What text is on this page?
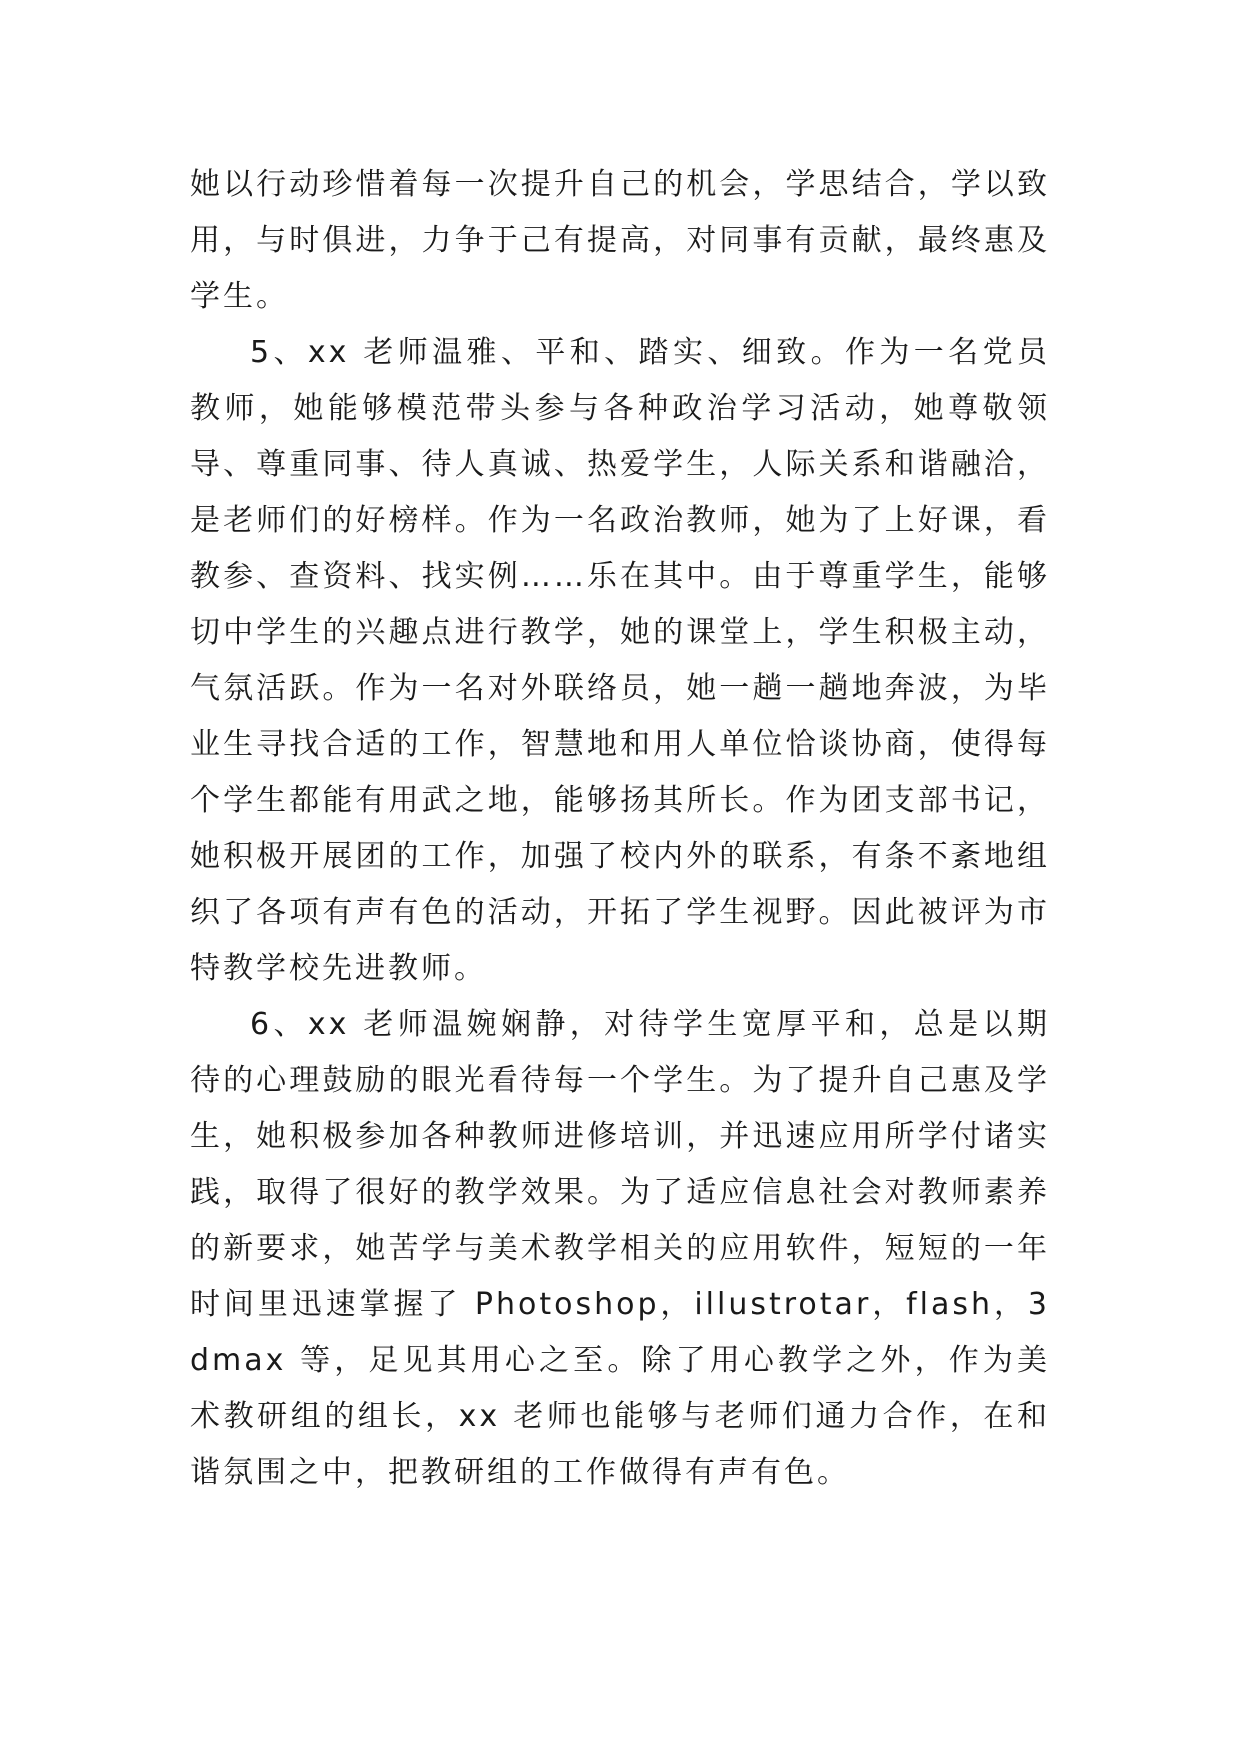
她以行动珍惜着每一次提升自己的机会，学思结合，学以致用，与时俱进，力争于己有提高，对同事有贡献，最终惠及学生。

5、xx 老师温雅、平和、踏实、细致。作为一名党员教师，她能够模范带头参与各种政治学习活动，她尊敬领导、尊重同事、待人真诚、热爱学生，人际关系和谐融洽，是老师们的好榜样。作为一名政治教师，她为了上好课，看教参、查资料、找实例……乐在其中。由于尊重学生，能够切中学生的兴趣点进行教学，她的课堂上，学生积极主动，气氛活跃。作为一名对外联络员，她一趟一趟地奔波，为毕业生寻找合适的工作，智慧地和用人单位恰谈协商，使得每个学生都能有用武之地，能够扬其所长。作为团支部书记，她积极开展团的工作，加强了校内外的联系，有条不紊地组织了各项有声有色的活动，开拓了学生视野。因此被评为市特教学校先进教师。

6、xx 老师温婉娴静，对待学生宽厚平和，总是以期待的心理鼓励的眼光看待每一个学生。为了提升自己惠及学生，她积极参加各种教师进修培训，并迅速应用所学付诸实践，取得了很好的教学效果。为了适应信息社会对教师素养的新要求，她苦学与美术教学相关的应用软件，短短的一年时间里迅速掌握了 Photoshop，illustrotar，flash，3dmax 等，足见其用心之至。除了用心教学之外，作为美术教研组的组长，xx 老师也能够与老师们通力合作，在和谐氛围之中，把教研组的工作做得有声有色。
